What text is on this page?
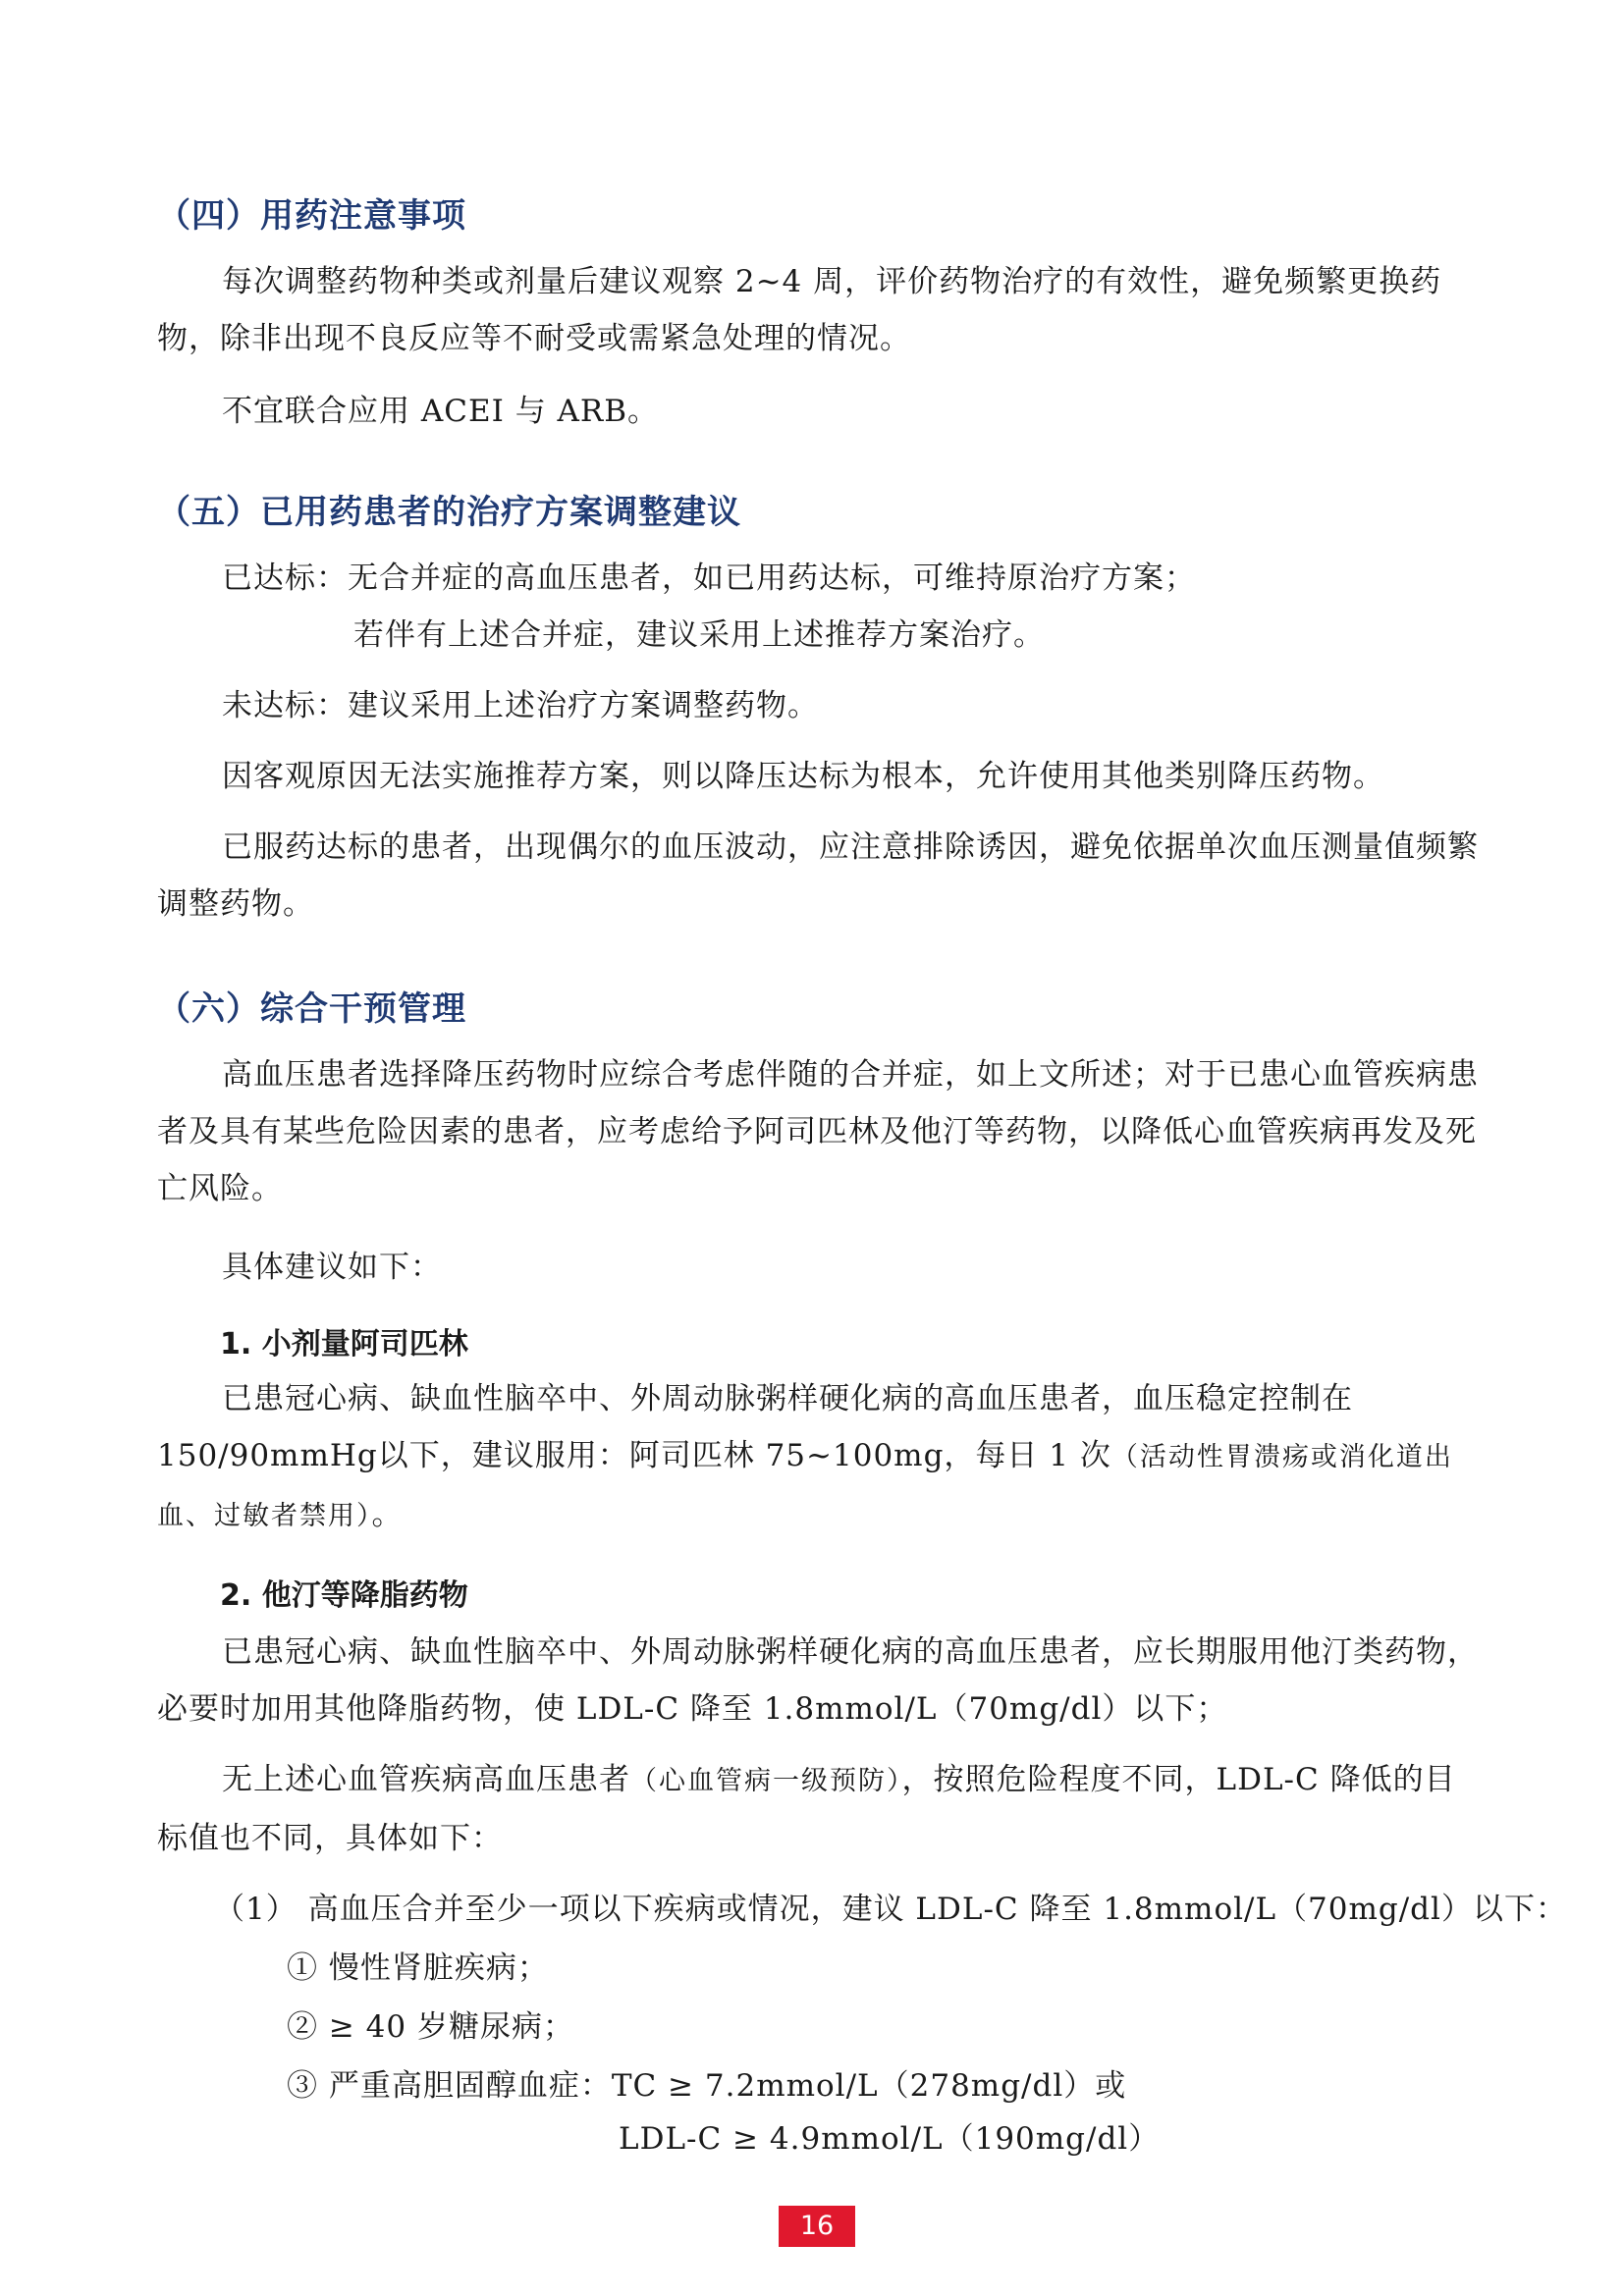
（四）用药注意事项
每次调整药物种类或剂量后建议观察 2~4 周，评价药物治疗的有效性，避免频繁更换药物，除非出现不良反应等不耐受或需紧急处理的情况。
不宜联合应用 ACEI 与 ARB。
（五）已用药患者的治疗方案调整建议
已达标：无合并症的高血压患者，如已用药达标，可维持原治疗方案；
若伴有上述合并症，建议采用上述推荐方案治疗。
未达标：建议采用上述治疗方案调整药物。
因客观原因无法实施推荐方案，则以降压达标为根本，允许使用其他类别降压药物。
已服药达标的患者，出现偶尔的血压波动，应注意排除诱因，避免依据单次血压测量值频繁调整药物。
（六）综合干预管理
高血压患者选择降压药物时应综合考虑伴随的合并症，如上文所述；对于已患心血管疾病患者及具有某些危险因素的患者，应考虑给予阿司匹林及他汀等药物，以降低心血管疾病再发及死亡风险。
具体建议如下：
1. 小剂量阿司匹林
已患冠心病、缺血性脑卒中、外周动脉粥样硬化病的高血压患者，血压稳定控制在150/90mmHg以下，建议服用：阿司匹林 75~100mg，每日 1 次（活动性胃溃疡或消化道出血、过敏者禁用）。
2. 他汀等降脂药物
已患冠心病、缺血性脑卒中、外周动脉粥样硬化病的高血压患者，应长期服用他汀类药物，必要时加用其他降脂药物，使 LDL-C 降至 1.8mmol/L（70mg/dl）以下；
无上述心血管疾病高血压患者（心血管病一级预防），按照危险程度不同，LDL-C 降低的目标值也不同，具体如下：
（1） 高血压合并至少一项以下疾病或情况，建议 LDL-C 降至 1.8mmol/L（70mg/dl）以下：
① 慢性肾脏疾病；
② ≥ 40 岁糖尿病；
③ 严重高胆固醇血症：TC ≥ 7.2mmol/L（278mg/dl）或
LDL-C ≥ 4.9mmol/L（190mg/dl）
16
